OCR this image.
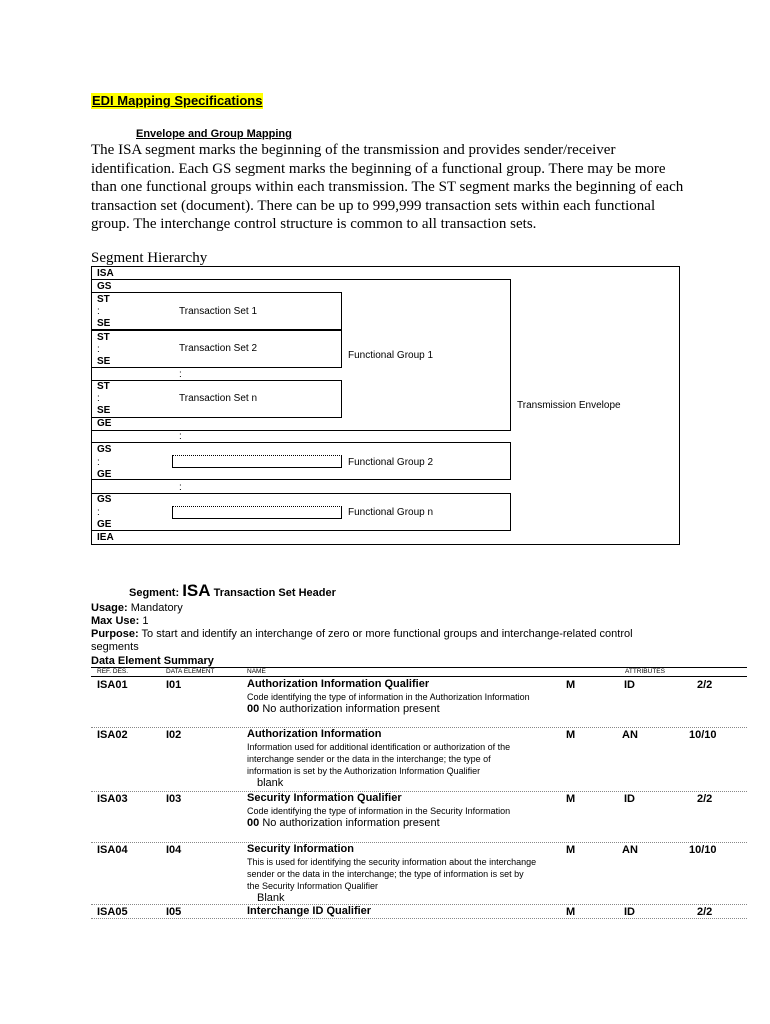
EDI Mapping Specifications
Envelope and Group Mapping
The ISA segment marks the beginning of the transmission and provides sender/receiver identification. Each GS segment marks the beginning of a functional group. There may be more than one functional groups within each transmission. The ST segment marks the beginning of each transaction set (document). There can be up to 999,999 transaction sets within each functional group. The interchange control structure is common to all transaction sets.
Segment Hierarchy
ISA
GS
ST
:
SE
ST
:
SE
ST
:
SE
GE
GS
:
GE
GS
:
GE
IEA
Transaction Set 1
Transaction Set 2
:
Transaction Set n
:
:
Functional Group 1
Functional Group 2
Functional Group n
Transmission Envelope
Segment: ISA Transaction Set Header
Usage: Mandatory
Max Use: 1
Purpose: To start and identify an interchange of zero or more functional groups and interchange-related control segments
Data Element Summary
REF. DES.	DATA ELEMENT	NAME	ATTRIBUTES
ISA01	I01	Authorization Information Qualifier
Code identifying the type of information in the Authorization Information
00 No authorization information present
M	ID	2/2
ISA02	I02	Authorization Information
Information used for additional identification or authorization of the interchange sender or the data in the interchange; the type of information is set by the Authorization Information Qualifier
blank
M	AN	10/10
ISA03	I03	Security Information Qualifier
Code identifying the type of information in the Security Information
00 No authorization information present
M	ID	2/2
ISA04	I04	Security Information
This is used for identifying the security information about the interchange sender or the data in the interchange; the type of information is set by the Security Information Qualifier
Blank
M	AN	10/10
ISA05	I05	Interchange ID Qualifier	M	ID	2/2
